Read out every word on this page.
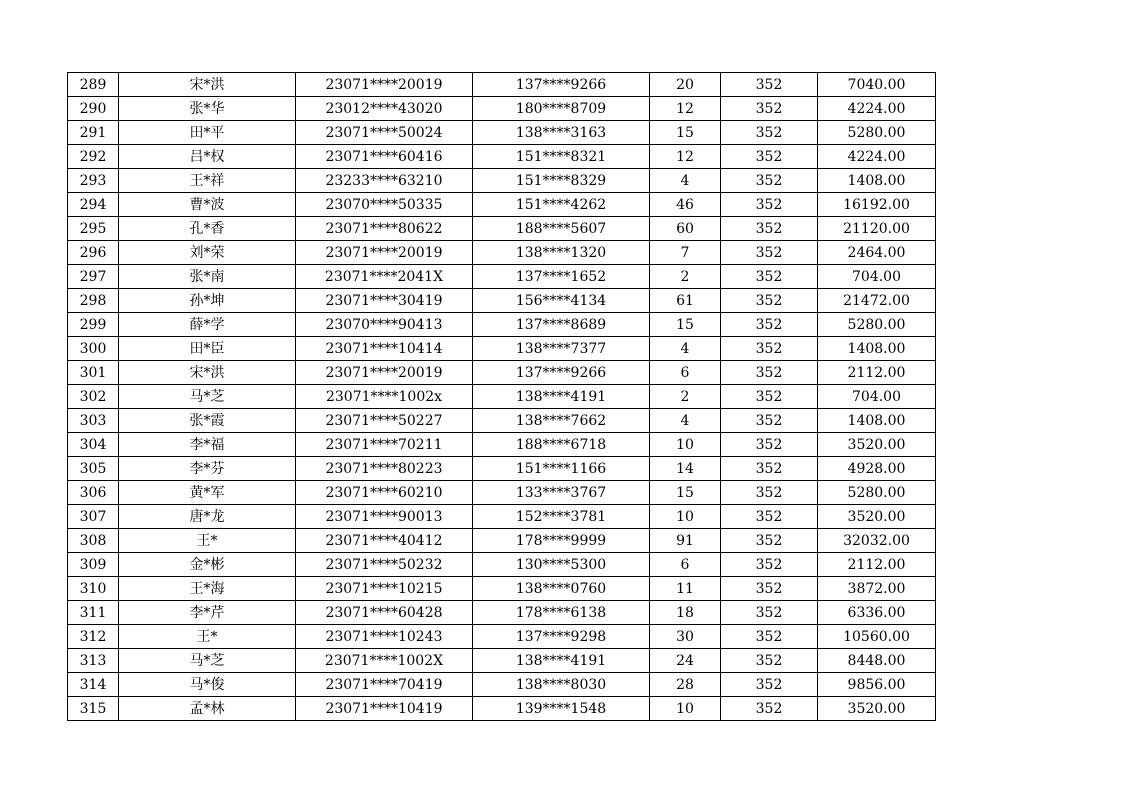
289	宋*洪	23071****20019	137****9266	20	352	7040.00
290	张*华	23012****43020	180****8709	12	352	4224.00
291	田*平	23071****50024	138****3163	15	352	5280.00
292	吕*权	23071****60416	151****8321	12	352	4224.00
293	王*祥	23233****63210	151****8329	4	352	1408.00
294	曹*波	23070****50335	151****4262	46	352	16192.00
295	孔*香	23071****80622	188****5607	60	352	21120.00
296	刘*荣	23071****20019	138****1320	7	352	2464.00
297	张*南	23071****2041X	137****1652	2	352	704.00
298	孙*坤	23071****30419	156****4134	61	352	21472.00
299	薛*学	23070****90413	137****8689	15	352	5280.00
300	田*臣	23071****10414	138****7377	4	352	1408.00
301	宋*洪	23071****20019	137****9266	6	352	2112.00
302	马*芝	23071****1002x	138****4191	2	352	704.00
303	张*霞	23071****50227	138****7662	4	352	1408.00
304	李*福	23071****70211	188****6718	10	352	3520.00
305	李*芬	23071****80223	151****1166	14	352	4928.00
306	黄*军	23071****60210	133****3767	15	352	5280.00
307	唐*龙	23071****90013	152****3781	10	352	3520.00
308	王*	23071****40412	178****9999	91	352	32032.00
309	金*彬	23071****50232	130****5300	6	352	2112.00
310	王*海	23071****10215	138****0760	11	352	3872.00
311	李*芹	23071****60428	178****6138	18	352	6336.00
312	王*	23071****10243	137****9298	30	352	10560.00
313	马*芝	23071****1002X	138****4191	24	352	8448.00
314	马*俊	23071****70419	138****8030	28	352	9856.00
315	孟*林	23071****10419	139****1548	10	352	3520.00
